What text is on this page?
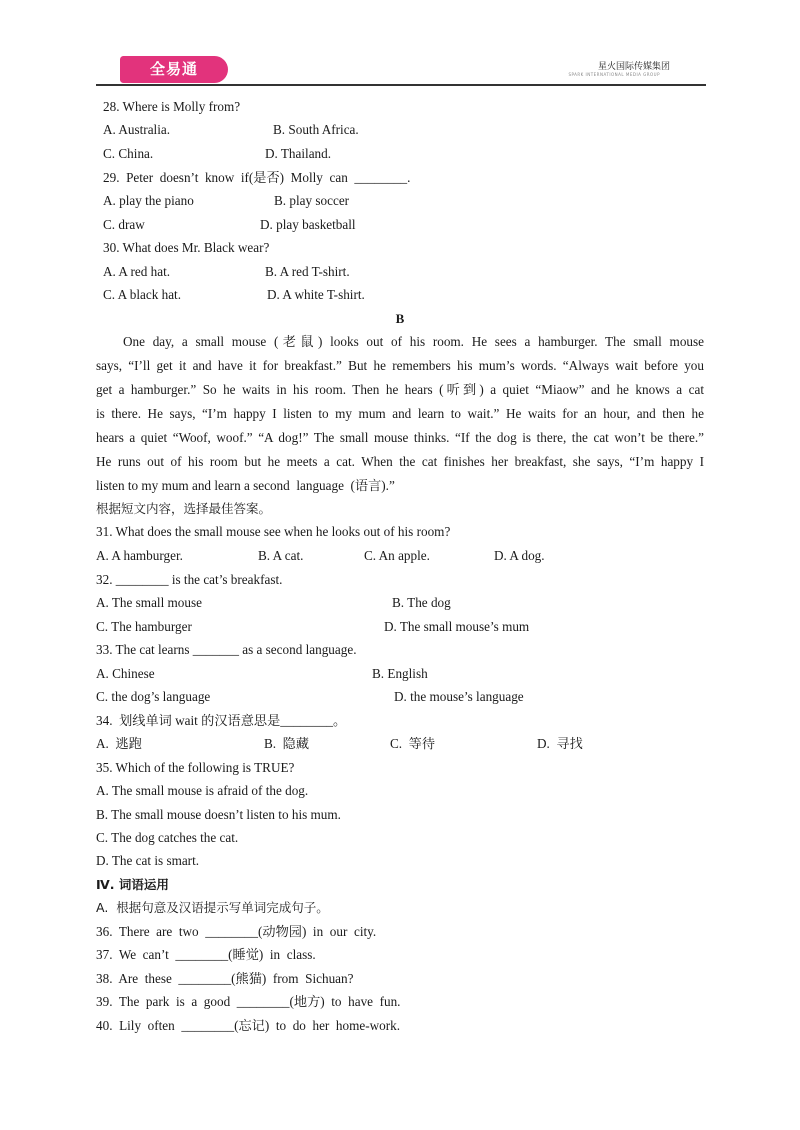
全易通	+	星火国际传媒集团
SPARK INTERNATIONAL MEDIA GROUP
B
28. Where is Molly from?
A. Australia.	B. South Africa.
C. China.	D. Thailand.
29.  Peter  doesn’t  know  if(是否)  Molly  can  ________.
A. play the piano	B. play soccer
C. draw	D. play basketball
30. What does Mr. Black wear?
A. A red hat.	B. A red T-shirt.
C. A black hat.	D. A white T-shirt.
根据短文内容，选择最佳答案。
31. What does the small mouse see when he looks out of his room?
A. A hamburger.	B. A cat.	C. An apple.	D. A dog.
32. ________ is the cat’s breakfast.
A. The small mouse	B. The dog
C. The hamburger	D. The small mouse’s mum
33. The cat learns _______ as a second language.
A. Chinese	B. English
C. the dog’s language	D. the mouse’s language
34.  划线单词 wait 的汉语意思是________。
A.  逃跑	B.  隐藏	C.  等待	D.  寻找
35. Which of the following is TRUE?
A. The small mouse is afraid of the dog.
B. The small mouse doesn’t listen to his mum.
C. The dog catches the cat.
D. The cat is smart.
Ⅳ. 词语运用
A.  根据句意及汉语提示写单词完成句子。
36.  There  are  two  ________(动物园)  in  our  city.
37.  We  can’t  ________(睡觉)  in  class.
38.  Are  these  ________(熊猫)  from  Sichuan?
39.  The  park  is  a  good  ________(地方)  to  have  fun.
40.  Lily  often  ________(忘记)  to  do  her  home-work.
One day, a small mouse (老鼠) looks out of his room. He sees a hamburger. The small mouse
says, “I’ll get it and have it for breakfast.” But he remembers his mum’s words. “Always wait before you
get a hamburger.” So he waits in his room. Then he hears (听到) a quiet “Miaow” and he knows a cat
is there. He says, “I’m happy I listen to my mum and learn to wait.” He waits for an hour, and then he
hears a quiet “Woof, woof.” “A dog!” The small mouse thinks. “If the dog is there, the cat won’t be there.”
He runs out of his room but he meets a cat. When the cat finishes her breakfast, she says, “I’m happy I
listen to my mum and learn a second  language  (语言).”
